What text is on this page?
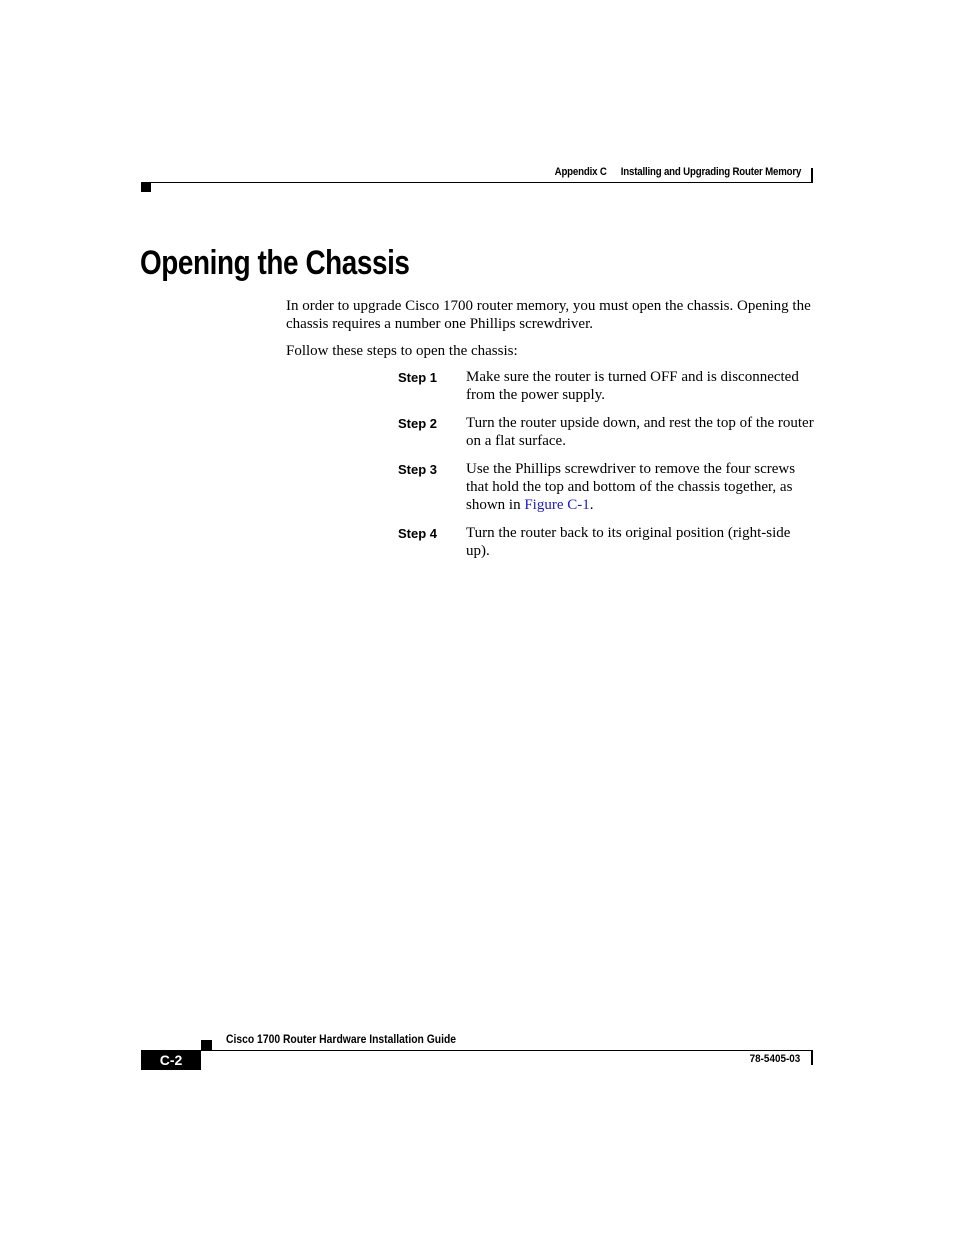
Appendix C Installing and Upgrading Router Memory
Opening the Chassis

In order to upgrade Cisco 1700 router memory, you must open the chassis. Opening the chassis requires a number one Phillips screwdriver.

Follow these steps to open the chassis:

Step 1 Make sure the router is turned OFF and is disconnected from the power supply.
Step 2 Turn the router upside down, and rest the top of the router on a flat surface.
Step 3 Use the Phillips screwdriver to remove the four screws that hold the top and bottom of the chassis together, as shown in Figure C-1.
Step 4 Turn the router back to its original position (right-side up).
Cisco 1700 Router Hardware Installation Guide
C-2	78-5405-03
